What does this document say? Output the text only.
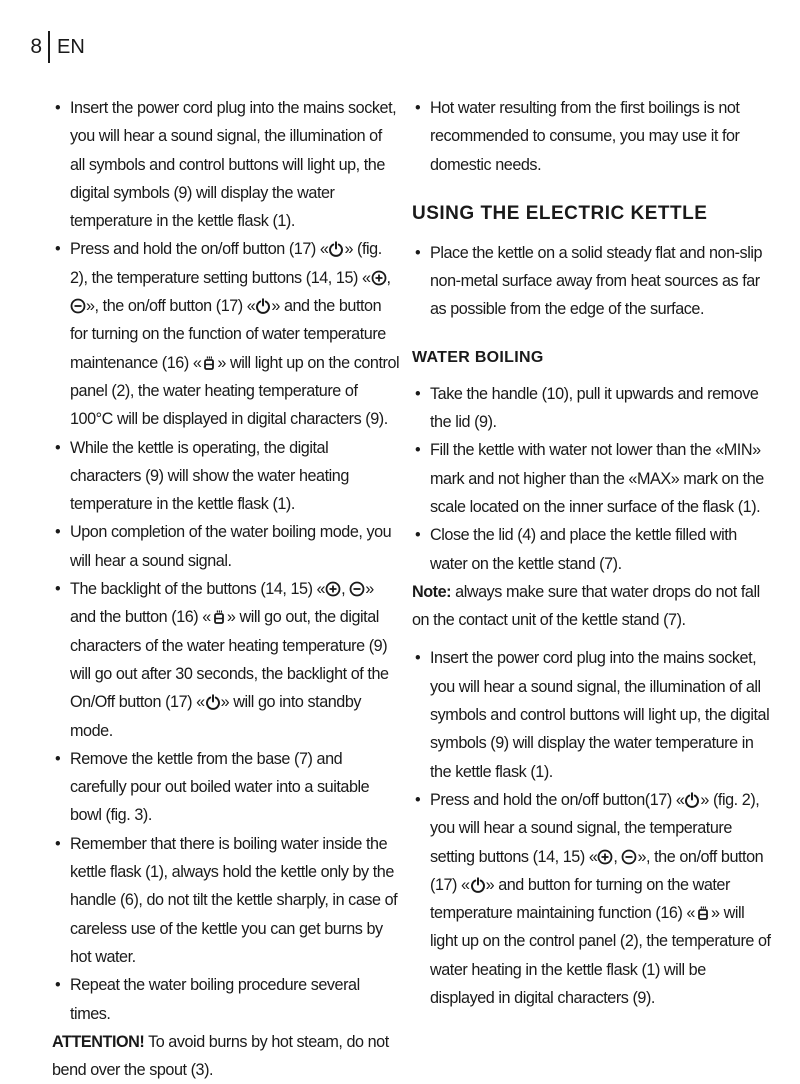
8 EN
• Insert the power cord plug into the mains socket, you will hear a sound signal, the illumination of all symbols and control buttons will light up, the digital symbols (9) will display the water temperature in the kettle flask (1).
• Press and hold the on/off button (17) « » (fig. 2), the temperature setting buttons (14, 15) « ,
», the on/off button (17) « » and the button for turning on the function of water temperature maintenance (16) « » will light up on the control panel (2), the water heating temperature of 100°C will be displayed in digital characters (9).
• While the kettle is operating, the digital characters (9) will show the water heating temperature in the kettle flask (1).
• Upon completion of the water boiling mode, you will hear a sound signal.
• The backlight of the buttons (14, 15) « ,
» and the button (16) « » will go out, the digital characters of the water heating temperature (9) will go out after 30 seconds, the backlight of the On/Off button (17) « » will go into standby mode.
• Remove the kettle from the base (7) and carefully pour out boiled water into a suitable bowl (fig. 3).
• Remember that there is boiling water inside the kettle flask (1), always hold the kettle only by the handle (6), do not tilt the kettle sharply, in case of careless use of the kettle you can get burns by hot water.
• Repeat the water boiling procedure several times.

ATTENTION! To avoid burns by hot steam, do not bend over the spout (3).

• Hot water resulting from the first boilings is not recommended to consume, you may use it for domestic needs.
USING THE ELECTRIC KETTLE
• Place the kettle on a solid steady flat and non-slip non-metal surface away from heat sources as far as possible from the edge of the surface.
WATER BOILING
• Take the handle (10), pull it upwards and remove the lid (9).
• Fill the kettle with water not lower than the «MIN» mark and not higher than the «MAX» mark on the scale located on the inner surface of the flask (1).
• Close the lid (4) and place the kettle filled with water on the kettle stand (7).

Note: always make sure that water drops do not fall on the contact unit of the kettle stand (7).

• Insert the power cord plug into the mains socket, you will hear a sound signal, the illumination of all symbols and control buttons will light up, the digital symbols (9) will display the water temperature in the kettle flask (1).
• Press and hold the on/off button(17) « » (fig. 2), you will hear a sound signal, the temperature setting buttons (14, 15) « ,
», the on/off button (17) « » and button for turning on the water temperature maintaining function (16) « » will light up on the control panel (2), the temperature of water heating in the kettle flask (1) will be displayed in digital characters (9).
